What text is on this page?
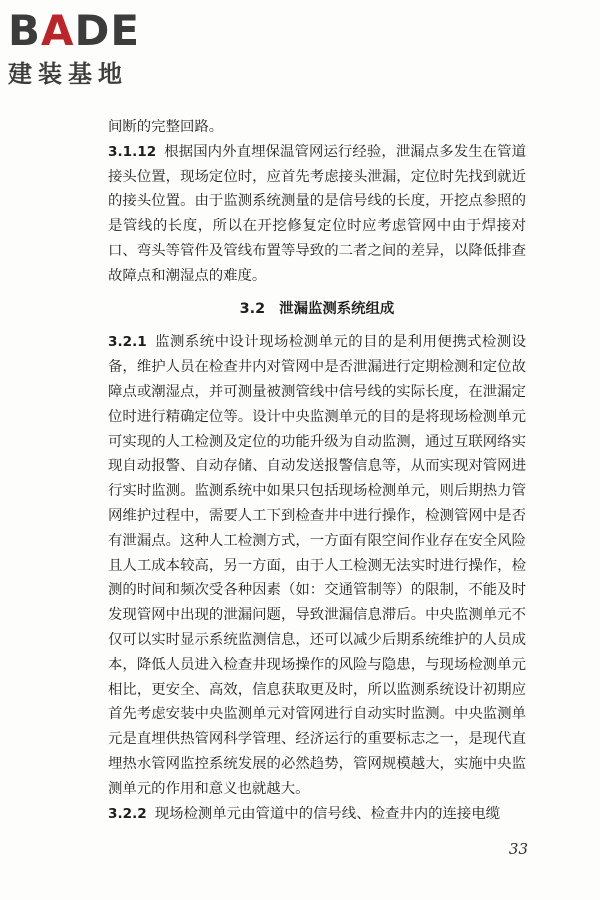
BADE
建装基地

间断的完整回路。

3.1.12 根据国内外直埋保温管网运行经验，泄漏点多发生在管道接头位置，现场定位时，应首先考虑接头泄漏，定位时先找到就近的接头位置。由于监测系统测量的是信号线的长度，开挖点参照的是管线的长度，所以在开挖修复定位时应考虑管网中由于焊接对口、弯头等管件及管线布置等导致的二者之间的差异，以降低排查故障点和潮湿点的难度。

3.2 泄漏监测系统组成

3.2.1 监测系统中设计现场检测单元的目的是利用便携式检测设备，维护人员在检查井内对管网中是否泄漏进行定期检测和定位故障点或潮湿点，并可测量被测管线中信号线的实际长度，在泄漏定位时进行精确定位等。设计中央监测单元的目的是将现场检测单元可实现的人工检测及定位的功能升级为自动监测，通过互联网络实现自动报警、自动存储、自动发送报警信息等，从而实现对管网进行实时监测。监测系统中如果只包括现场检测单元，则后期热力管网维护过程中，需要人工下到检查井中进行操作，检测管网中是否有泄漏点。这种人工检测方式，一方面有限空间作业存在安全风险且人工成本较高，另一方面，由于人工检测无法实时进行操作，检测的时间和频次受各种因素（如：交通管制等）的限制，不能及时发现管网中出现的泄漏问题，导致泄漏信息滞后。中央监测单元不仅可以实时显示系统监测信息，还可以减少后期系统维护的人员成本，降低人员进入检查井现场操作的风险与隐患，与现场检测单元相比，更安全、高效，信息获取更及时，所以监测系统设计初期应首先考虑安装中央监测单元对管网进行自动实时监测。中央监测单元是直埋供热管网科学管理、经济运行的重要标志之一，是现代直埋热水管网监控系统发展的必然趋势，管网规模越大，实施中央监测单元的作用和意义也就越大。

3.2.2 现场检测单元由管道中的信号线、检查井内的连接电缆

33
